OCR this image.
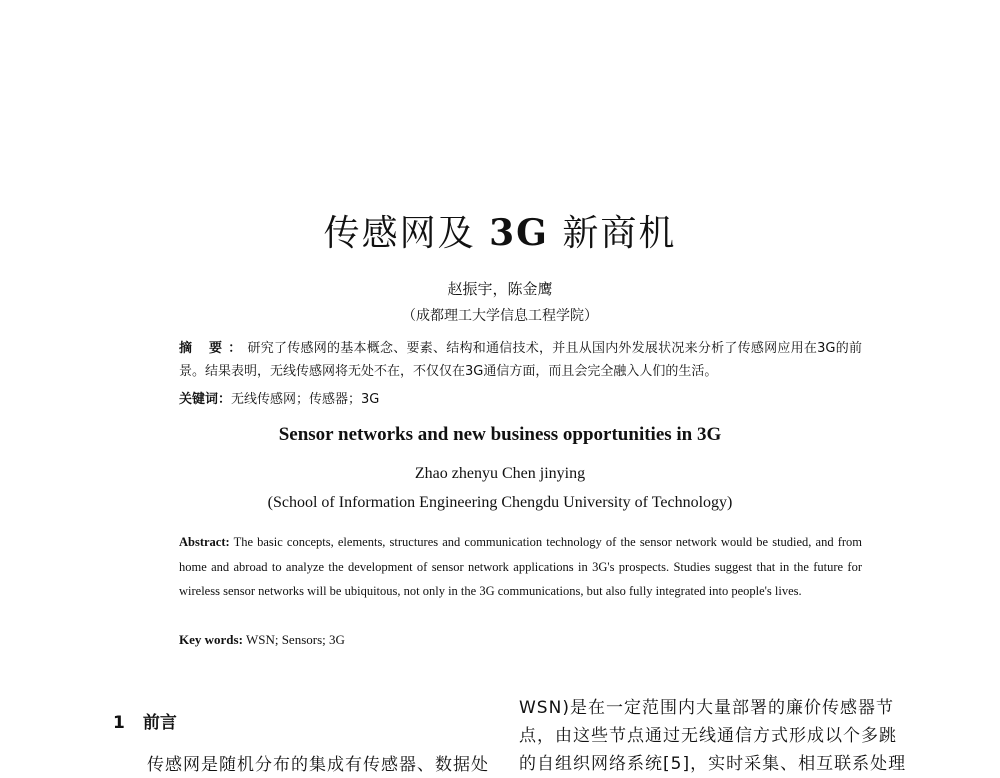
传感网及 3G 新商机
赵振宇，陈金鹰
（成都理工大学信息工程学院）
摘 要：研究了传感网的基本概念、要素、结构和通信技术，并且从国内外发展状况来分析了传感网应用在3G的前景。结果表明，无线传感网将无处不在，不仅仅在3G通信方面，而且会完全融入人们的生活。
关键词：无线传感网；传感器；3G
Sensor networks and new business opportunities in 3G
Zhao zhenyu Chen jinying
(School of Information Engineering Chengdu University of Technology)
Abstract: The basic concepts, elements, structures and communication technology of the sensor network would be studied, and from home and abroad to analyze the development of sensor network applications in 3G's prospects. Studies suggest that in the future for wireless sensor networks will be ubiquitous, not only in the 3G communications, but also fully integrated into people's lives.
Key words: WSN; Sensors; 3G
1 前言
传感网是随机分布的集成有传感器、数据处
WSN)是在一定范围内大量部署的廉价传感器节
点，由这些节点通过无线通信方式形成以个多跳
的自组织网络系统[5]，实时采集、相互联系处理
